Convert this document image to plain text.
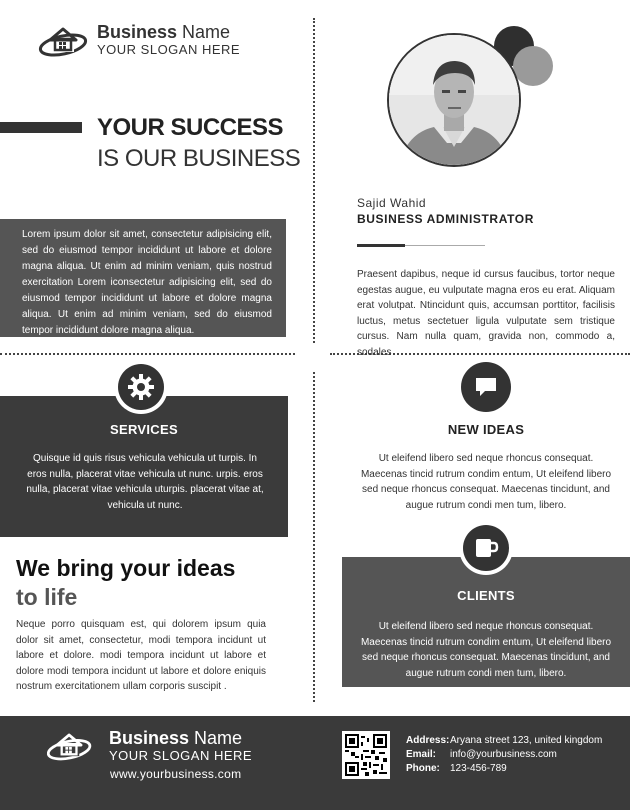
Business Name
YOUR SLOGAN HERE
YOUR SUCCESS
IS OUR BUSINESS
Lorem ipsum dolor sit amet, consectetur adipisicing elit, sed do eiusmod tempor incididunt ut labore et dolore magna aliqua. Ut enim ad minim veniam, quis nostrud exercitation Lorem iconsectetur adipisicing elit, sed do eiusmod tempor incididunt ut labore et dolore magna aliqua. Ut enim ad minim veniam, sed do eiusmod tempor incididunt dolore magna aliqua.
Sajid Wahid
BUSINESS ADMINISTRATOR
Praesent dapibus, neque id cursus faucibus, tortor neque egestas augue, eu vulputate magna eros eu erat. Aliquam erat volutpat. Ntincidunt quis, accumsan porttitor, facilisis luctus, metus sectetuer ligula vulputate sem tristique cursus. Nam nulla quam, gravida non, commodo a, sodales
SERVICES
Quisque id quis risus vehicula vehicula ut turpis. In eros nulla, placerat vitae vehicula ut nunc. urpis. eros nulla, placerat vitae vehicula uturpis. placerat vitae at, vehicula ut nunc.
NEW IDEAS
Ut eleifend libero sed neque rhoncus consequat. Maecenas tincid rutrum condim entum, Ut eleifend libero sed neque rhoncus consequat. Maecenas tincidunt, and augue rutrum condi men tum, libero.
We bring your ideas
to life
Neque porro quisquam est, qui dolorem ipsum quia dolor sit amet, consectetur, modi tempora incidunt ut labore et dolore. modi tempora incidunt ut labore et dolore modi tempora incidunt ut labore et dolore eniquis nostrum exercitationem ullam corporis suscipit .
CLIENTS
Ut eleifend libero sed neque rhoncus consequat. Maecenas tincid rutrum condim entum, Ut eleifend libero sed neque rhoncus consequat. Maecenas tincidunt, and augue rutrum condi men tum, libero.
Business Name
YOUR SLOGAN HERE
www.yourbusiness.com
Address:Aryana street 123, united kingdom
Email: info@yourbusiness.com
Phone: 123-456-789
